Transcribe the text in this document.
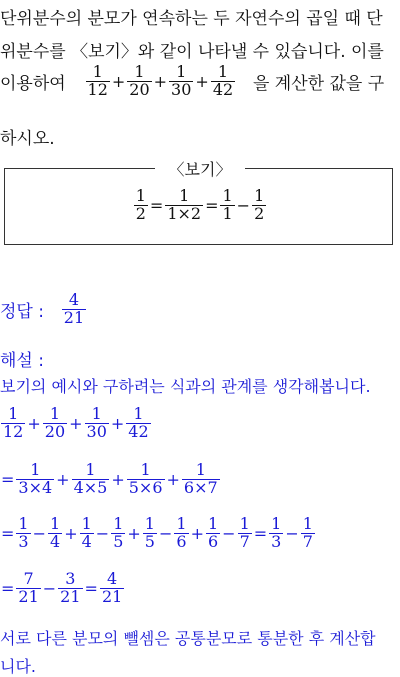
단위분수의 분모가 연속하는 두 자연수의 곱일 때 단
위분수를 〈보기〉와 같이 나타낼 수 있습니다. 이를
이용하여 $\frac{1}{12} + \frac{1}{20} + \frac{1}{30} + \frac{1}{42}$ 을 계산한 값을 구
하시오.
〈보기〉
$\frac{1}{2} = \frac{1}{1\times 2} = \frac{1}{1} - \frac{1}{2}$
정답 : $\frac{4}{21}$
해설 :
보기의 예시와 구하려는 식과의 관계를 생각해봅니다.
$\frac{1}{12} + \frac{1}{20} + \frac{1}{30} + \frac{1}{42}$
= $\frac{1}{3\times 4} + \frac{1}{4\times 5} + \frac{1}{5\times 6} + \frac{1}{6\times 7}$
= $\frac{1}{3} - \frac{1}{4} + \frac{1}{4} - \frac{1}{5} + \frac{1}{5} - \frac{1}{6} + \frac{1}{6} - \frac{1}{7} = \frac{1}{3} - \frac{1}{7}$
= $\frac{7}{21} - \frac{3}{21} = \frac{4}{21}$
서로 다른 분모의 뺄셈은 공통분모로 통분한 후 계산합
니다.
